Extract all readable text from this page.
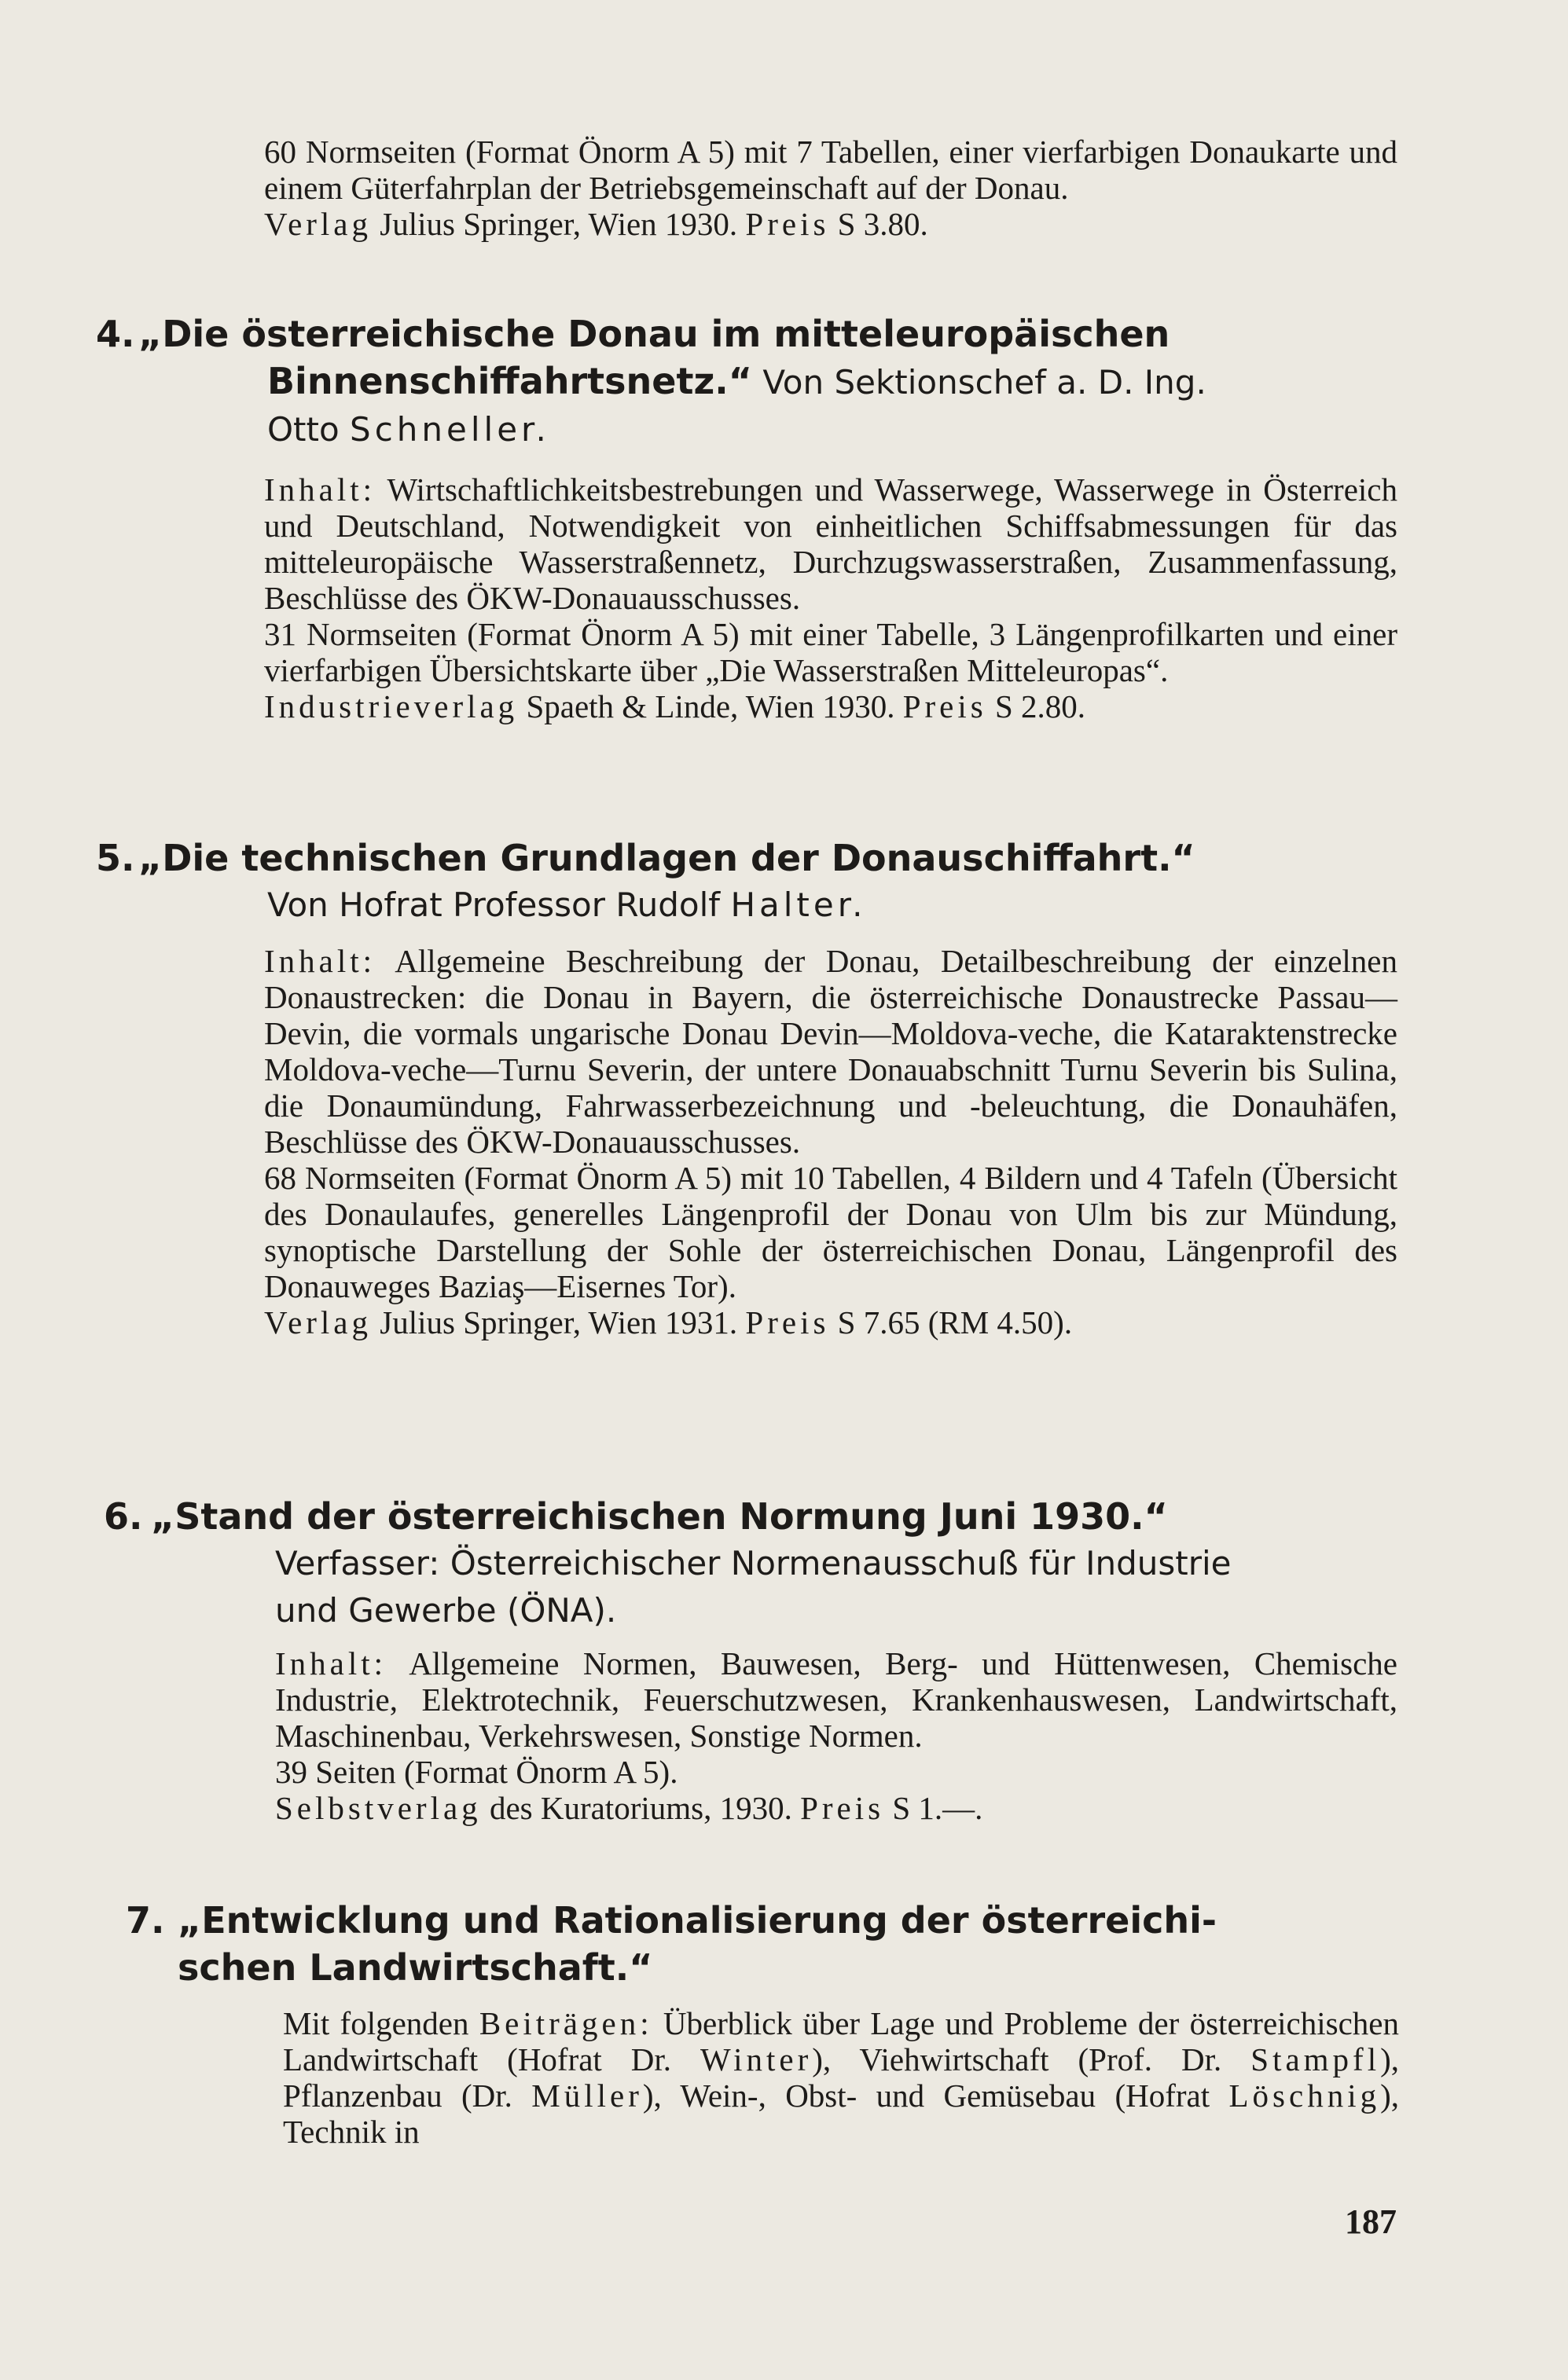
60 Normseiten (Format Önorm A 5) mit 7 Tabellen, einer vierfarbigen Donaukarte und einem Güterfahrplan der Betriebsgemeinschaft auf der Donau.

Verlag Julius Springer, Wien 1930. Preis S 3.80.

4.„Die österreichische Donau im mitteleuropäischen
Binnenschiffahrtsnetz.“ Von Sektionschef a. D. Ing.
Otto Schneller.

Inhalt: Wirtschaftlichkeitsbestrebungen und Wasserwege, Wasserwege in Österreich und Deutschland, Notwendigkeit von einheitlichen Schiffsabmessungen für das mitteleuropäische Wasserstraßennetz, Durchzugswasserstraßen, Zusammenfassung, Beschlüsse des ÖKW-Donauausschusses.

31 Normseiten (Format Önorm A 5) mit einer Tabelle, 3 Längenprofilkarten und einer vierfarbigen Übersichtskarte über „Die Wasserstraßen Mitteleuropas“.

Industrieverlag Spaeth & Linde, Wien 1930. Preis S 2.80.

5.„Die technischen Grundlagen der Donauschiffahrt.“
Von Hofrat Professor Rudolf Halter.

Inhalt: Allgemeine Beschreibung der Donau, Detailbeschreibung der einzelnen Donaustrecken: die Donau in Bayern, die österreichische Donaustrecke Passau—Devin, die vormals ungarische Donau Devin—Moldova-veche, die Kataraktenstrecke Moldova-veche—Turnu Severin, der untere Donauabschnitt Turnu Severin bis Sulina, die Donaumündung, Fahrwasserbezeichnung und -beleuchtung, die Donauhäfen, Beschlüsse des ÖKW-Donauausschusses.

68 Normseiten (Format Önorm A 5) mit 10 Tabellen, 4 Bildern und 4 Tafeln (Übersicht des Donaulaufes, generelles Längenprofil der Donau von Ulm bis zur Mündung, synoptische Darstellung der Sohle der österreichischen Donau, Längenprofil des Donauweges Baziaş—Eisernes Tor).

Verlag Julius Springer, Wien 1931. Preis S 7.65 (RM 4.50).

6. „Stand der österreichischen Normung Juni 1930.“
Verfasser: Österreichischer Normenausschuß für Industrie
und Gewerbe (ÖNA).

Inhalt: Allgemeine Normen, Bauwesen, Berg- und Hüttenwesen, Chemische Industrie, Elektrotechnik, Feuerschutzwesen, Krankenhauswesen, Landwirtschaft, Maschinenbau, Verkehrswesen, Sonstige Normen.

39 Seiten (Format Önorm A 5).

Selbstverlag des Kuratoriums, 1930. Preis S 1.—.

7. „Entwicklung und Rationalisierung der österreichi-
schen Landwirtschaft.“

Mit folgenden Beiträgen: Überblick über Lage und Probleme der österreichischen Landwirtschaft (Hofrat Dr. Winter), Viehwirtschaft (Prof. Dr. Stampfl), Pflanzenbau (Dr. Müller), Wein-, Obst- und Gemüsebau (Hofrat Löschnig), Technik in

187
